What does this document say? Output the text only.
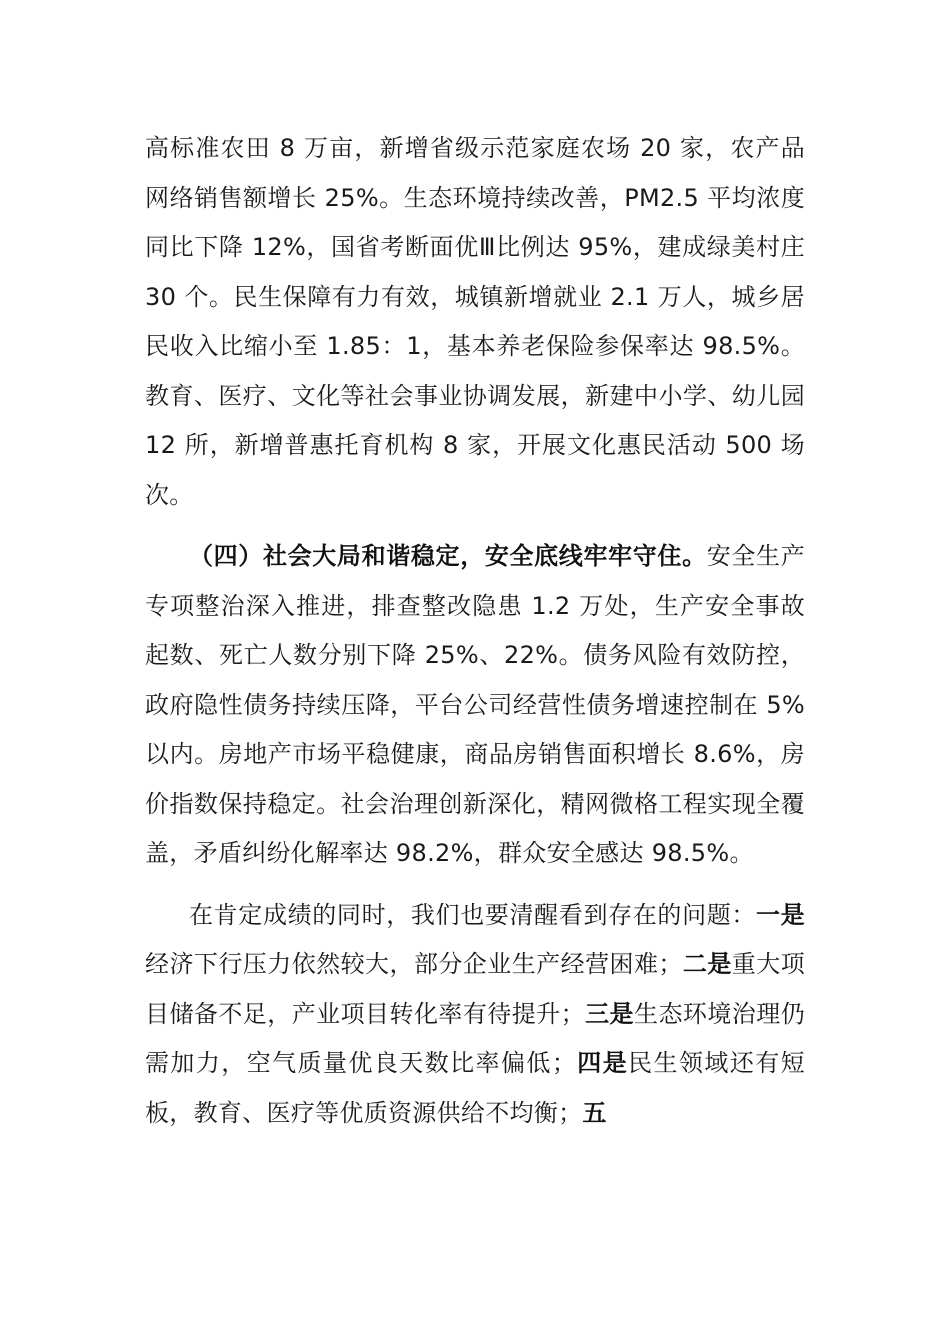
高标准农田 8 万亩，新增省级示范家庭农场 20 家，农产品网络销售额增长 25%。生态环境持续改善，PM2.5 平均浓度同比下降 12%，国省考断面优Ⅲ比例达 95%，建成绿美村庄 30 个。民生保障有力有效，城镇新增就业 2.1 万人，城乡居民收入比缩小至 1.85：1，基本养老保险参保率达 98.5%。教育、医疗、文化等社会事业协调发展，新建中小学、幼儿园 12 所，新增普惠托育机构 8 家，开展文化惠民活动 500 场次。

（四）社会大局和谐稳定，安全底线牢牢守住。安全生产专项整治深入推进，排查整改隐患 1.2 万处，生产安全事故起数、死亡人数分别下降 25%、22%。债务风险有效防控，政府隐性债务持续压降，平台公司经营性债务增速控制在 5%以内。房地产市场平稳健康，商品房销售面积增长 8.6%，房价指数保持稳定。社会治理创新深化，精网微格工程实现全覆盖，矛盾纠纷化解率达 98.2%，群众安全感达 98.5%。

在肯定成绩的同时，我们也要清醒看到存在的问题：一是经济下行压力依然较大，部分企业生产经营困难；二是重大项目储备不足，产业项目转化率有待提升；三是生态环境治理仍需加力，空气质量优良天数比率偏低；四是民生领域还有短板，教育、医疗等优质资源供给不均衡；五
